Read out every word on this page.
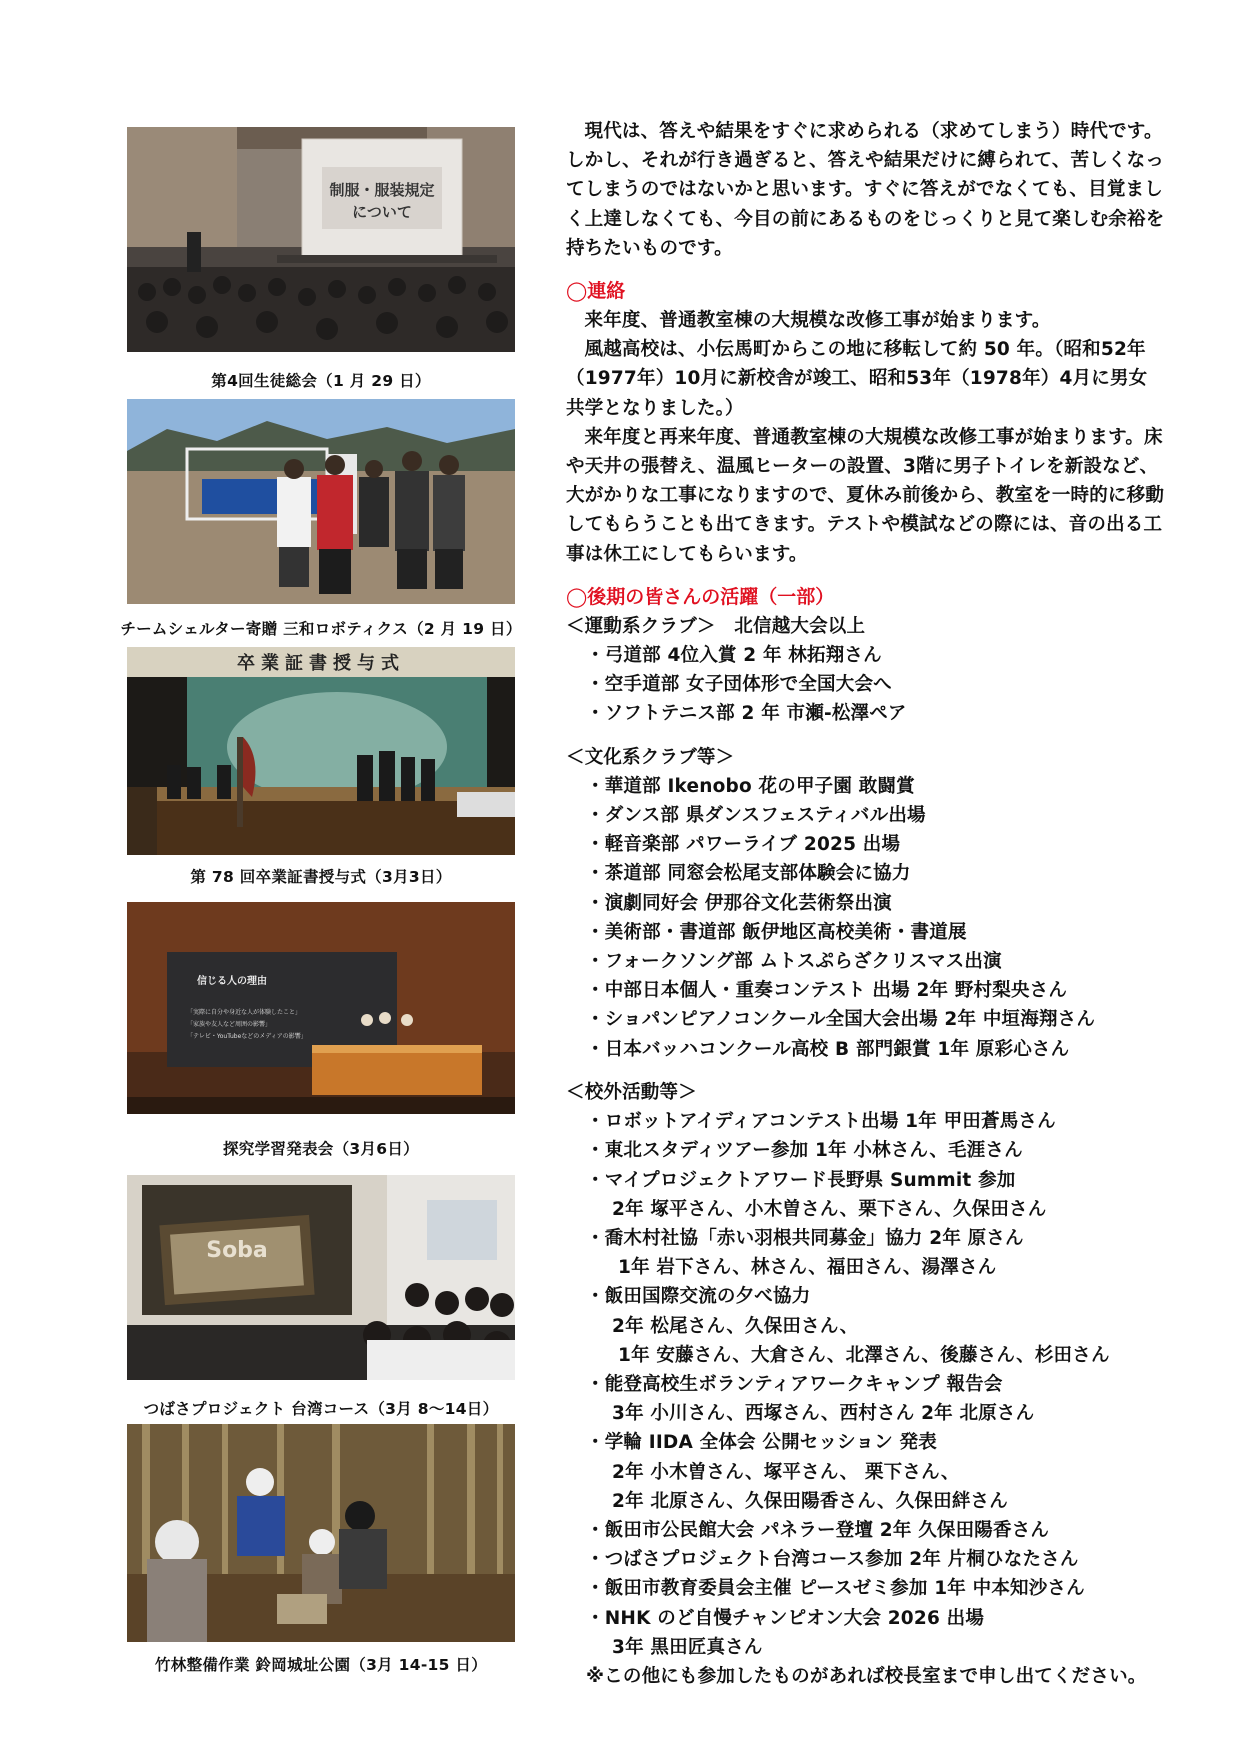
制服・服装規定
について
第4回生徒総会（1 月 29 日）
チームシェルター寄贈 三和ロボティクス（2 月 19 日）
卒業証書授与式
第 78 回卒業証書授与式（3月3日）
信じる人の理由
「実際に自分や身近な人が体験したこと」
「家族や友人など周囲の影響」
「テレビ・YouTubeなどのメディアの影響」
探究学習発表会（3月6日）
Soba
つばさプロジェクト 台湾コース（3月 8～14日）
竹林整備作業 鈴岡城址公園（3月 14-15 日）

現代は、答えや結果をすぐに求められる（求めてしまう）時代です。しかし、それが行き過ぎると、答えや結果だけに縛られて、苦しくなってしまうのではないかと思います。すぐに答えがでなくても、目覚ましく上達しなくても、今目の前にあるものをじっくりと見て楽しむ余裕を持ちたいものです。

◯連絡

来年度、普通教室棟の大規模な改修工事が始まります。

風越高校は、小伝馬町からこの地に移転して約 50 年。（昭和52年（1977年）10月に新校舎が竣工、昭和53年（1978年）4月に男女共学となりました。）

来年度と再来年度、普通教室棟の大規模な改修工事が始まります。床や天井の張替え、温風ヒーターの設置、3階に男子トイレを新設など、大がかりな工事になりますので、夏休み前後から、教室を一時的に移動してもらうことも出てきます。テストや模試などの際には、音の出る工事は休工にしてもらいます。

◯後期の皆さんの活躍（一部）

＜運動系クラブ＞　北信越大会以上
・弓道部 4位入賞 2 年 林拓翔さん
・空手道部 女子団体形で全国大会へ
・ソフトテニス部 2 年 市瀬-松澤ペア
＜文化系クラブ等＞
・華道部 Ikenobo 花の甲子園 敢闘賞
・ダンス部 県ダンスフェスティバル出場
・軽音楽部 パワーライブ 2025 出場
・茶道部 同窓会松尾支部体験会に協力
・演劇同好会 伊那谷文化芸術祭出演
・美術部・書道部 飯伊地区高校美術・書道展
・フォークソング部 ムトスぷらざクリスマス出演
・中部日本個人・重奏コンテスト 出場 2年 野村梨央さん
・ショパンピアノコンクール全国大会出場 2年 中垣海翔さん
・日本バッハコンクール高校 B 部門銀賞 1年 原彩心さん
＜校外活動等＞
・ロボットアイディアコンテスト出場 1年 甲田蒼馬さん
・東北スタディツアー参加 1年 小林さん、毛涯さん
・マイプロジェクトアワード長野県 Summit 参加
2年 塚平さん、小木曽さん、栗下さん、久保田さん
・喬木村社協「赤い羽根共同募金」協力 2年 原さん
1年 岩下さん、林さん、福田さん、湯澤さん
・飯田国際交流の夕べ協力
2年 松尾さん、久保田さん、
1年 安藤さん、大倉さん、北澤さん、後藤さん、杉田さん
・能登高校生ボランティアワークキャンプ 報告会
3年 小川さん、西塚さん、西村さん 2年 北原さん
・学輪 IIDA 全体会 公開セッション 発表
2年 小木曽さん、塚平さん、 栗下さん、
2年 北原さん、久保田陽香さん、久保田絆さん
・飯田市公民館大会 パネラー登壇 2年 久保田陽香さん
・つばさプロジェクト台湾コース参加 2年 片桐ひなたさん
・飯田市教育委員会主催 ピースゼミ参加 1年 中本知沙さん
・NHK のど自慢チャンピオン大会 2026 出場
3年 黒田匠真さん
※この他にも参加したものがあれば校長室まで申し出てください。
